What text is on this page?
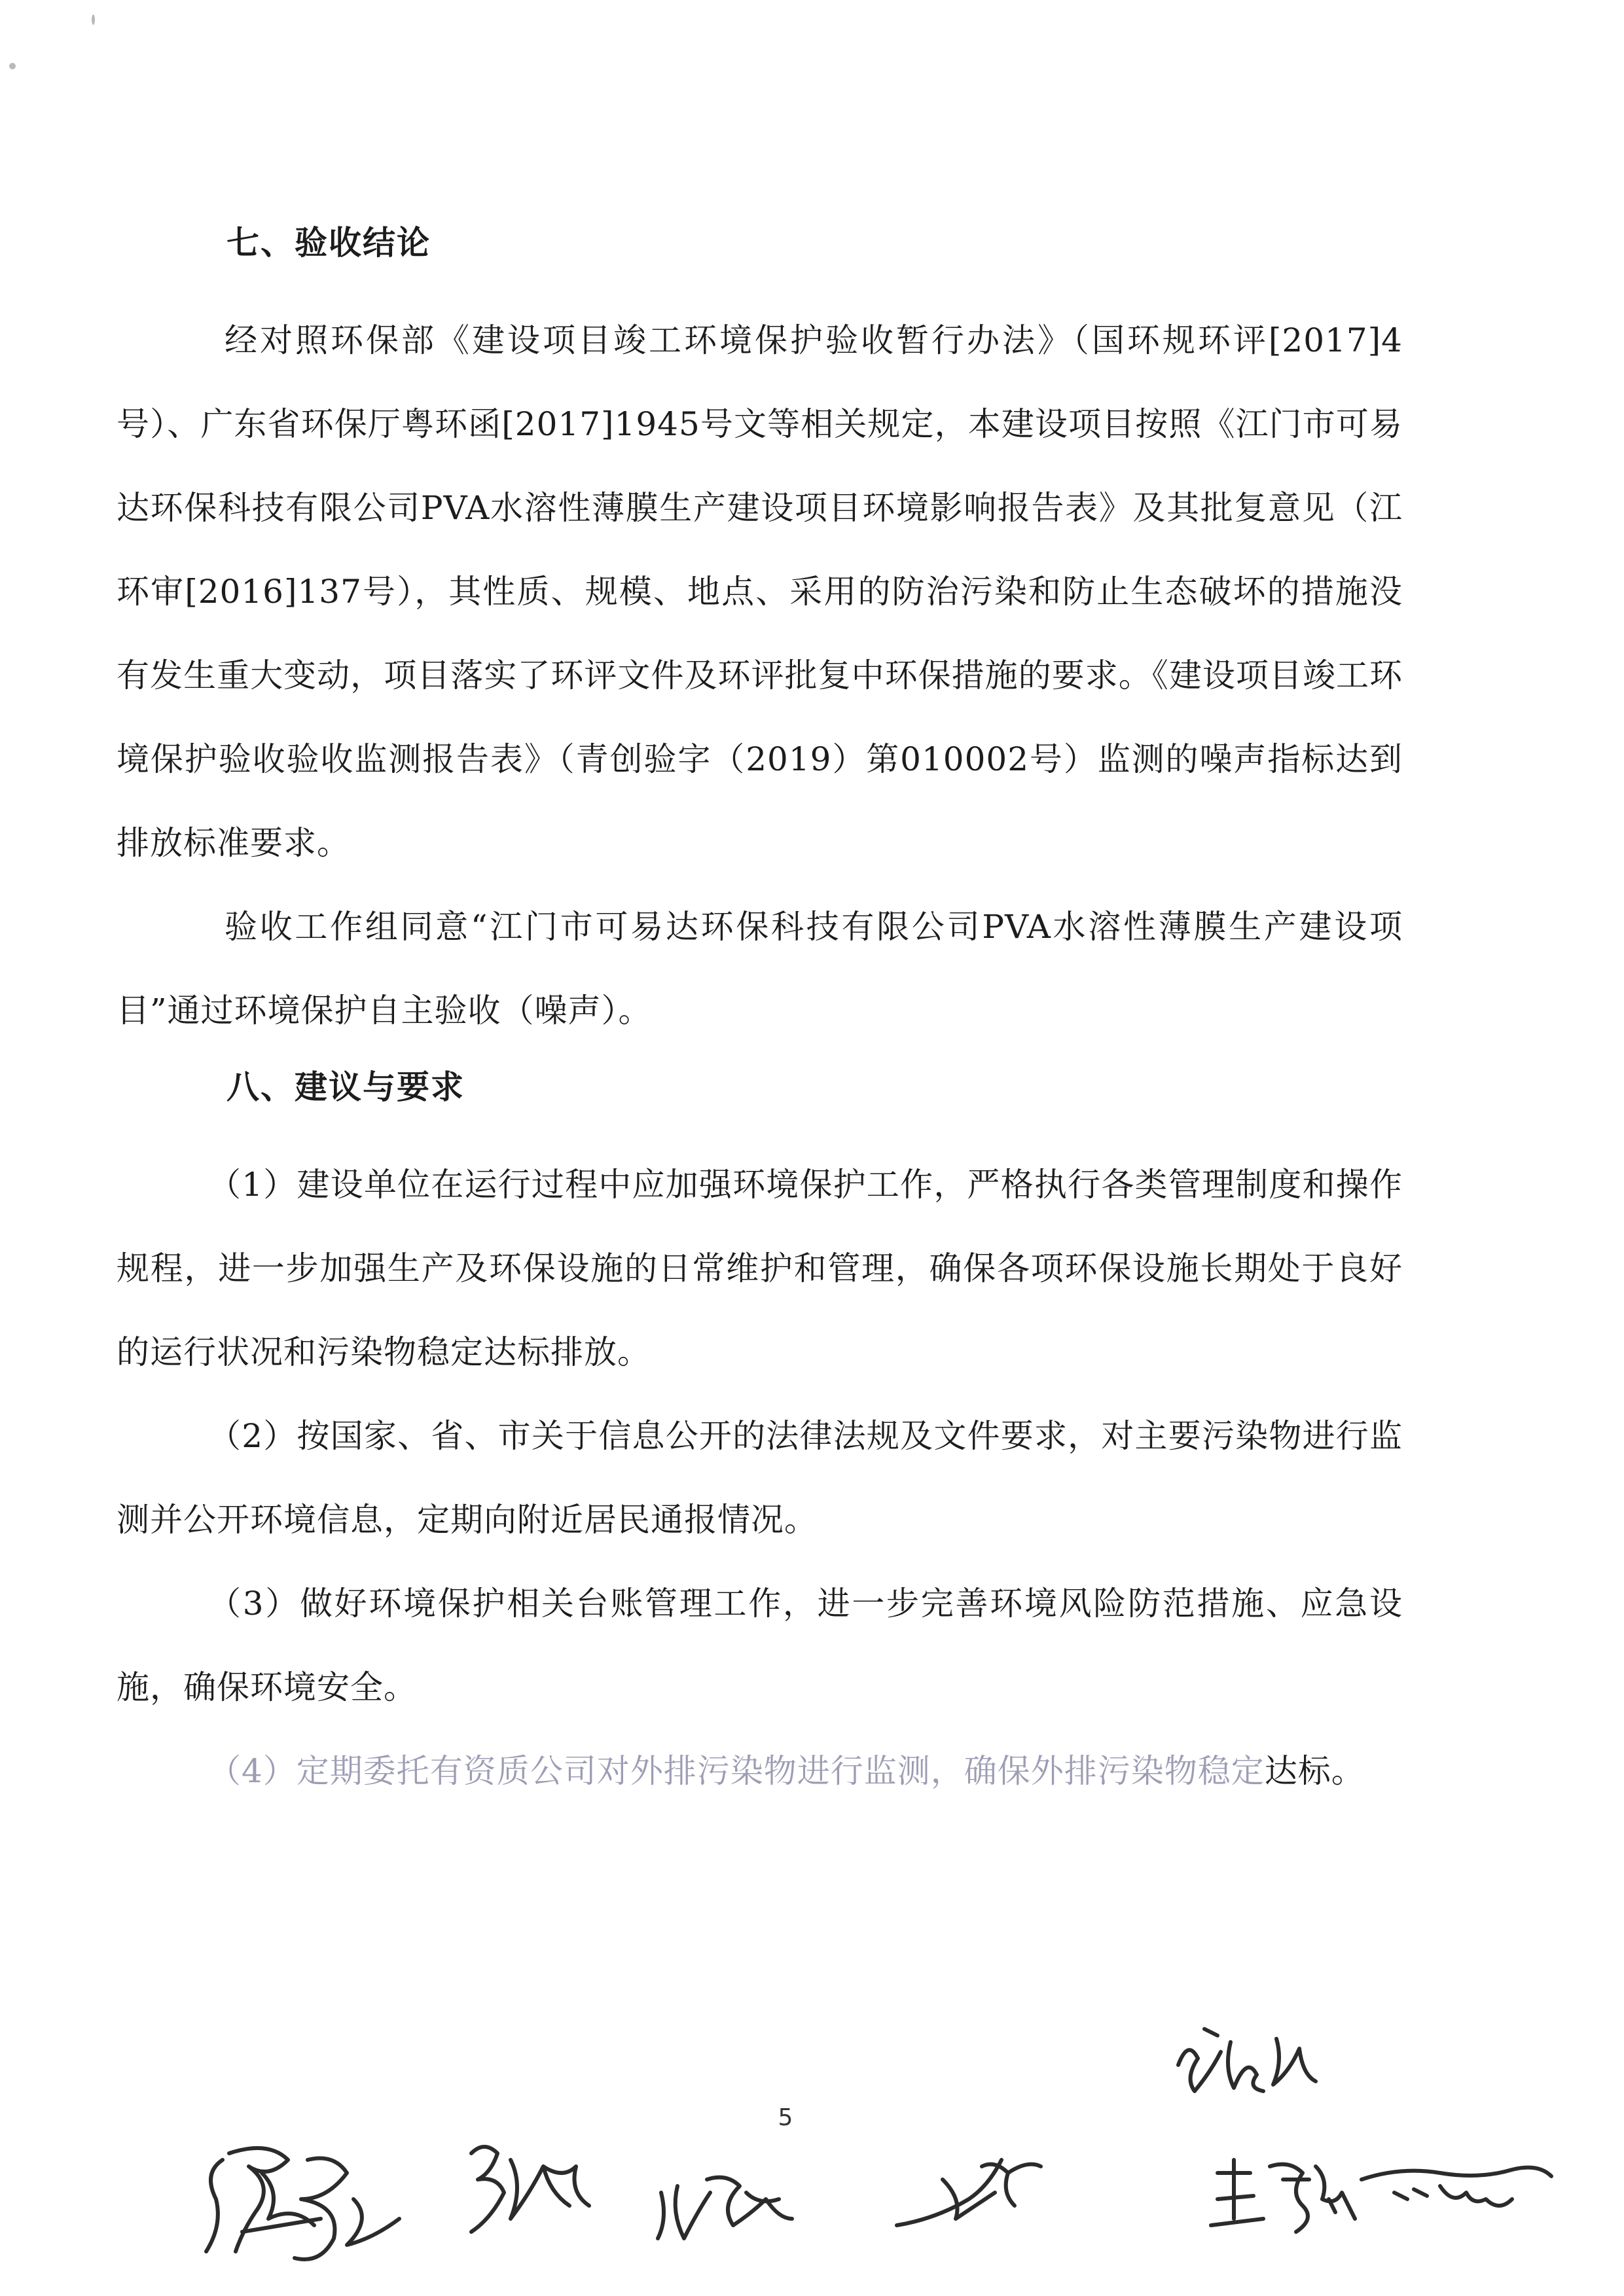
七、验收结论

经对照环保部《建设项目竣工环境保护验收暂行办法》（国环规环评[2017]4号）、广东省环保厅粤环函[2017]1945号文等相关规定，本建设项目按照《江门市可易达环保科技有限公司PVA水溶性薄膜生产建设项目环境影响报告表》及其批复意见（江环审[2016]137号），其性质、规模、地点、采用的防治污染和防止生态破坏的措施没有发生重大变动，项目落实了环评文件及环评批复中环保措施的要求。《建设项目竣工环境保护验收验收监测报告表》（青创验字（2019）第010002号）监测的噪声指标达到排放标准要求。

验收工作组同意“江门市可易达环保科技有限公司PVA水溶性薄膜生产建设项目”通过环境保护自主验收（噪声）。

八、建议与要求

（1）建设单位在运行过程中应加强环境保护工作，严格执行各类管理制度和操作规程，进一步加强生产及环保设施的日常维护和管理，确保各项环保设施长期处于良好的运行状况和污染物稳定达标排放。

（2）按国家、省、市关于信息公开的法律法规及文件要求，对主要污染物进行监测并公开环境信息，定期向附近居民通报情况。

（3）做好环境保护相关台账管理工作，进一步完善环境风险防范措施、应急设施，确保环境安全。

（4）定期委托有资质公司对外排污染物进行监测，确保外排污染物稳定达标。

5
